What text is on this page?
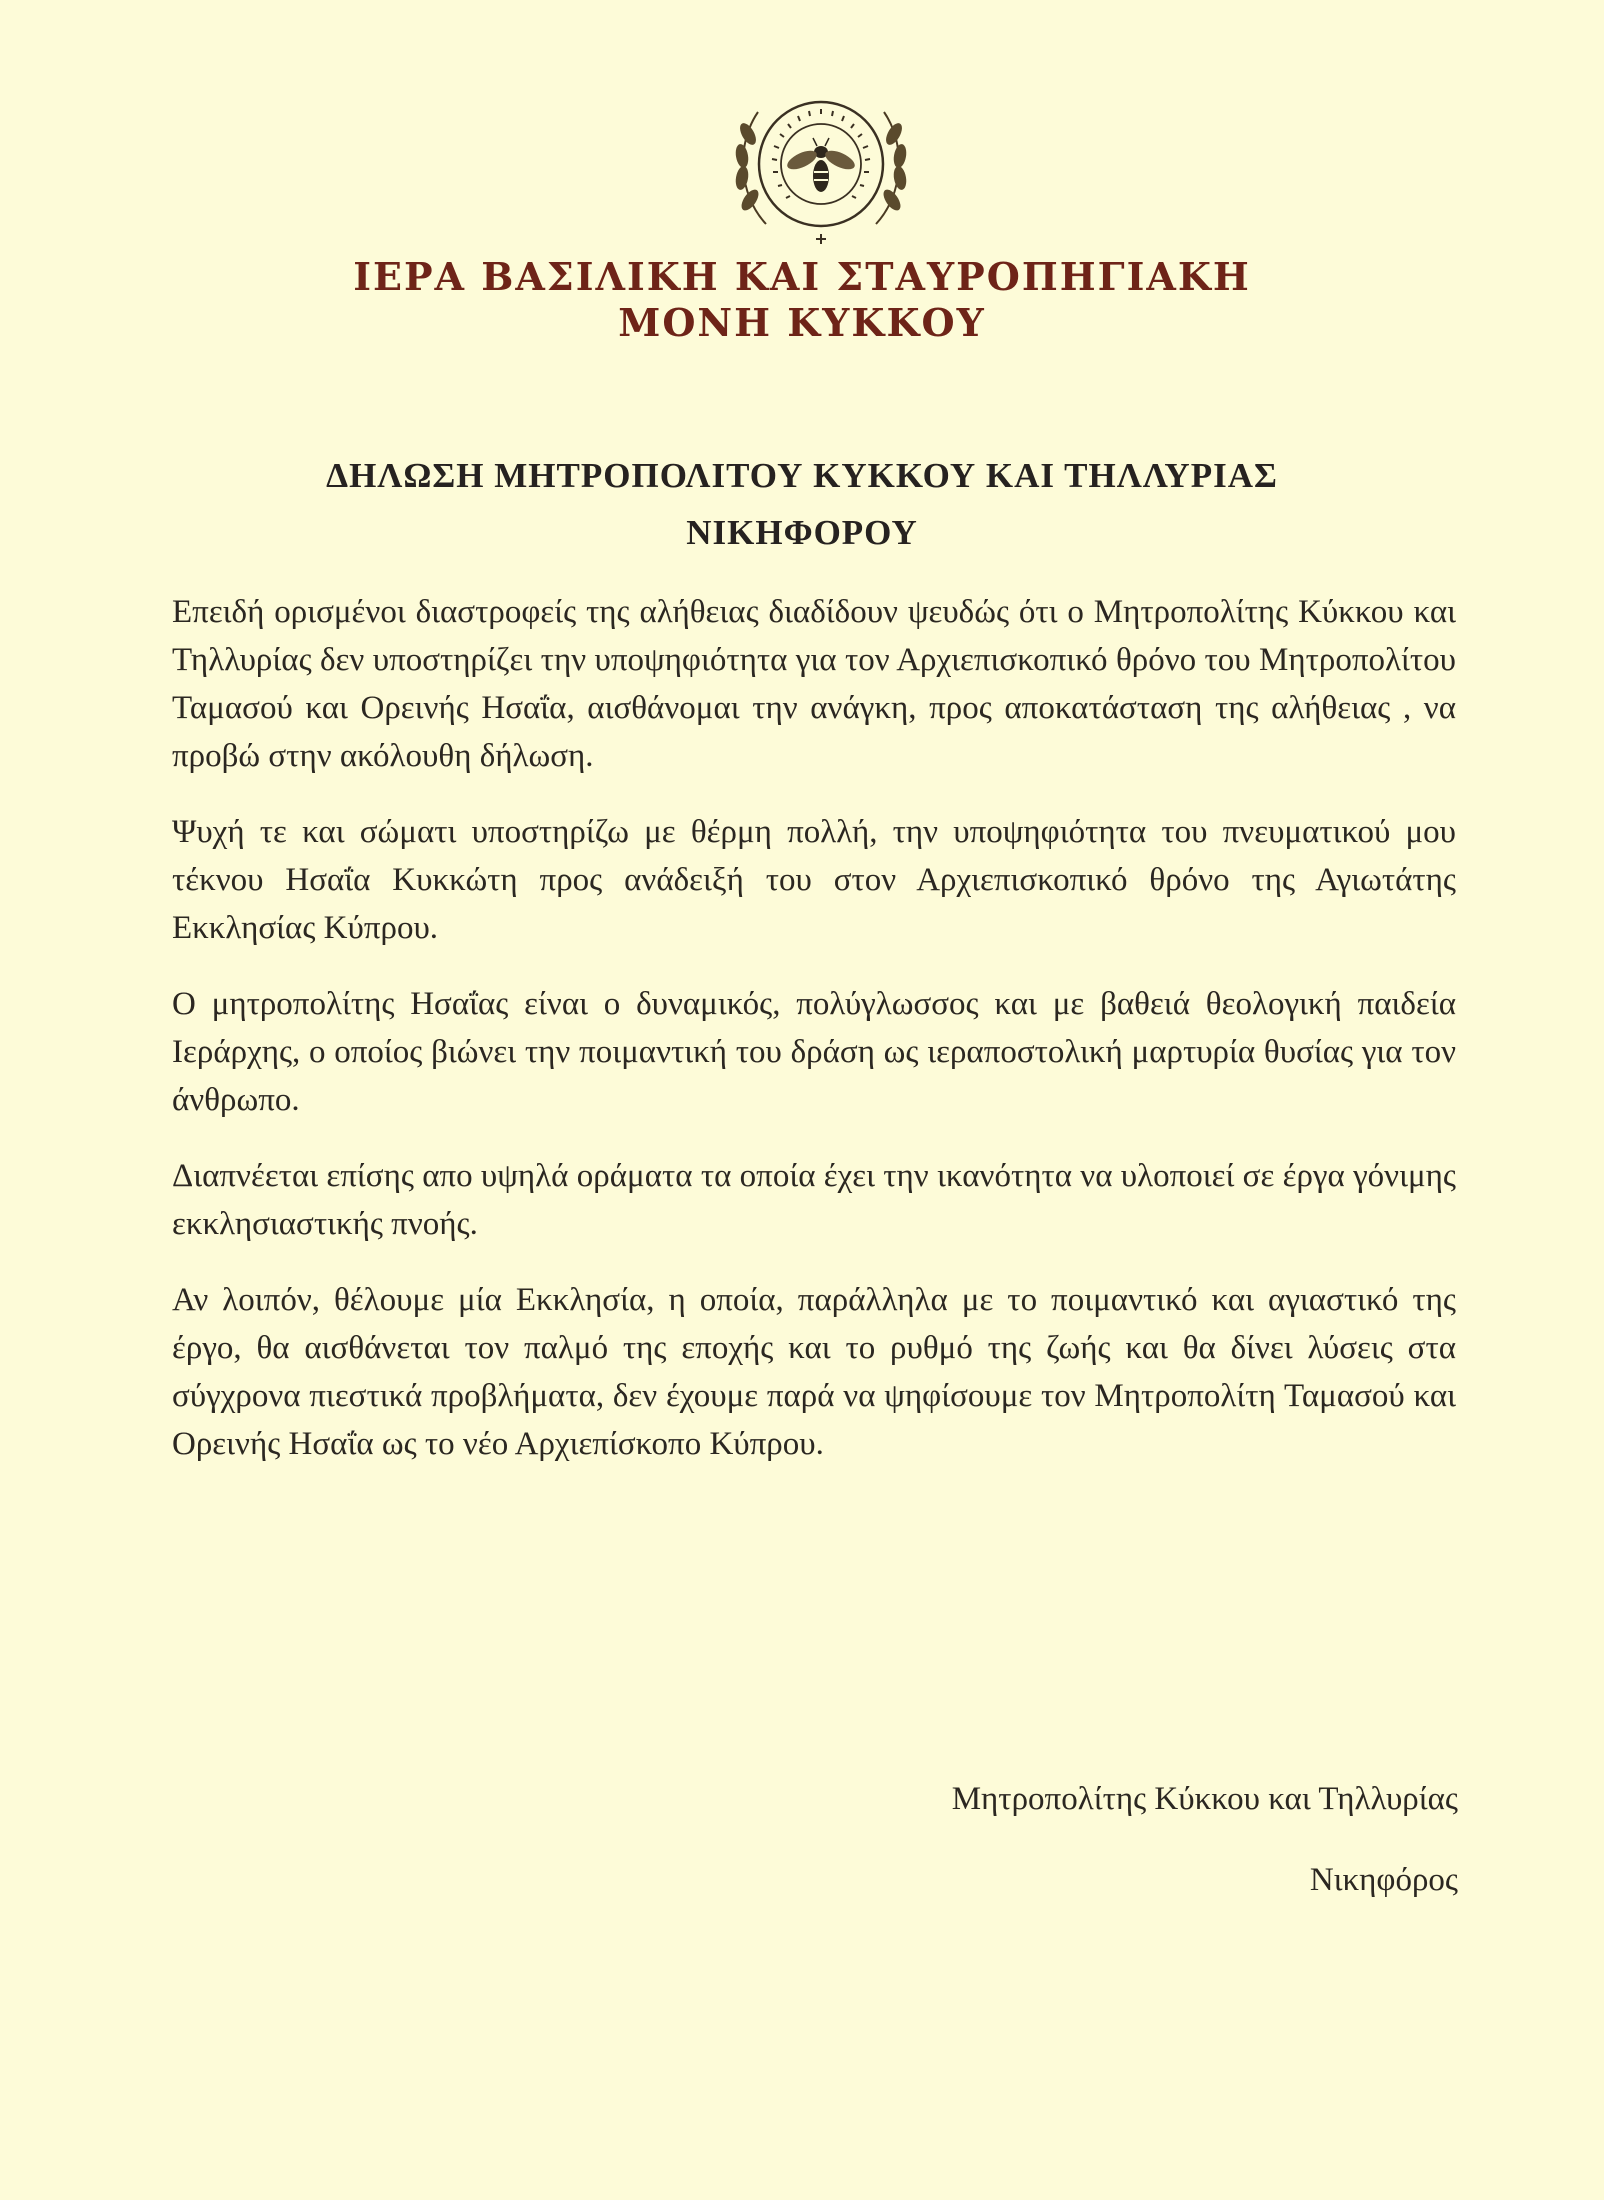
ΙΕΡΑ ΒΑΣΙΛΙΚΗ ΚΑΙ ΣΤΑΥΡΟΠΗΓΙΑΚΗ
ΜΟΝΗ ΚΥΚΚΟΥ
ΔΗΛΩΣΗ ΜΗΤΡΟΠΟΛΙΤΟΥ ΚΥΚΚΟΥ ΚΑΙ ΤΗΛΛΥΡΙΑΣ
ΝΙΚΗΦΟΡΟΥ

Επειδή ορισμένοι διαστροφείς της αλήθειας διαδίδουν ψευδώς ότι ο Μητροπολίτης Κύκκου και Τηλλυρίας δεν υποστηρίζει την υποψηφιότητα για τον Αρχιεπισκοπικό θρόνο του Μητροπολίτου Ταμασού και Ορεινής Ησαΐα, αισθάνομαι την ανάγκη, προς αποκατάσταση της αλήθειας , να προβώ στην ακόλουθη δήλωση.

Ψυχή τε και σώματι υποστηρίζω με θέρμη πολλή, την υποψηφιότητα του πνευματικού μου τέκνου Ησαΐα Κυκκώτη προς ανάδειξή του στον Αρχιεπισκοπικό θρόνο της Αγιωτάτης Εκκλησίας Κύπρου.

Ο μητροπολίτης Ησαΐας είναι ο δυναμικός, πολύγλωσσος και με βαθειά θεολογική παιδεία Ιεράρχης, ο οποίος βιώνει την ποιμαντική του δράση ως ιεραποστολική μαρτυρία θυσίας για τον άνθρωπο.

Διαπνέεται επίσης απο υψηλά οράματα τα οποία έχει την ικανότητα να υλοποιεί σε έργα γόνιμης εκκλησιαστικής πνοής.

Αν λοιπόν, θέλουμε μία Εκκλησία, η οποία, παράλληλα με το ποιμαντικό και αγιαστικό της έργο, θα αισθάνεται τον παλμό της εποχής και το ρυθμό της ζωής και θα δίνει λύσεις στα σύγχρονα πιεστικά προβλήματα, δεν έχουμε παρά να ψηφίσουμε τον Μητροπολίτη Ταμασού και Ορεινής Ησαΐα ως το νέο Αρχιεπίσκοπο Κύπρου.

Μητροπολίτης Κύκκου και Τηλλυρίας
Νικηφόρος
